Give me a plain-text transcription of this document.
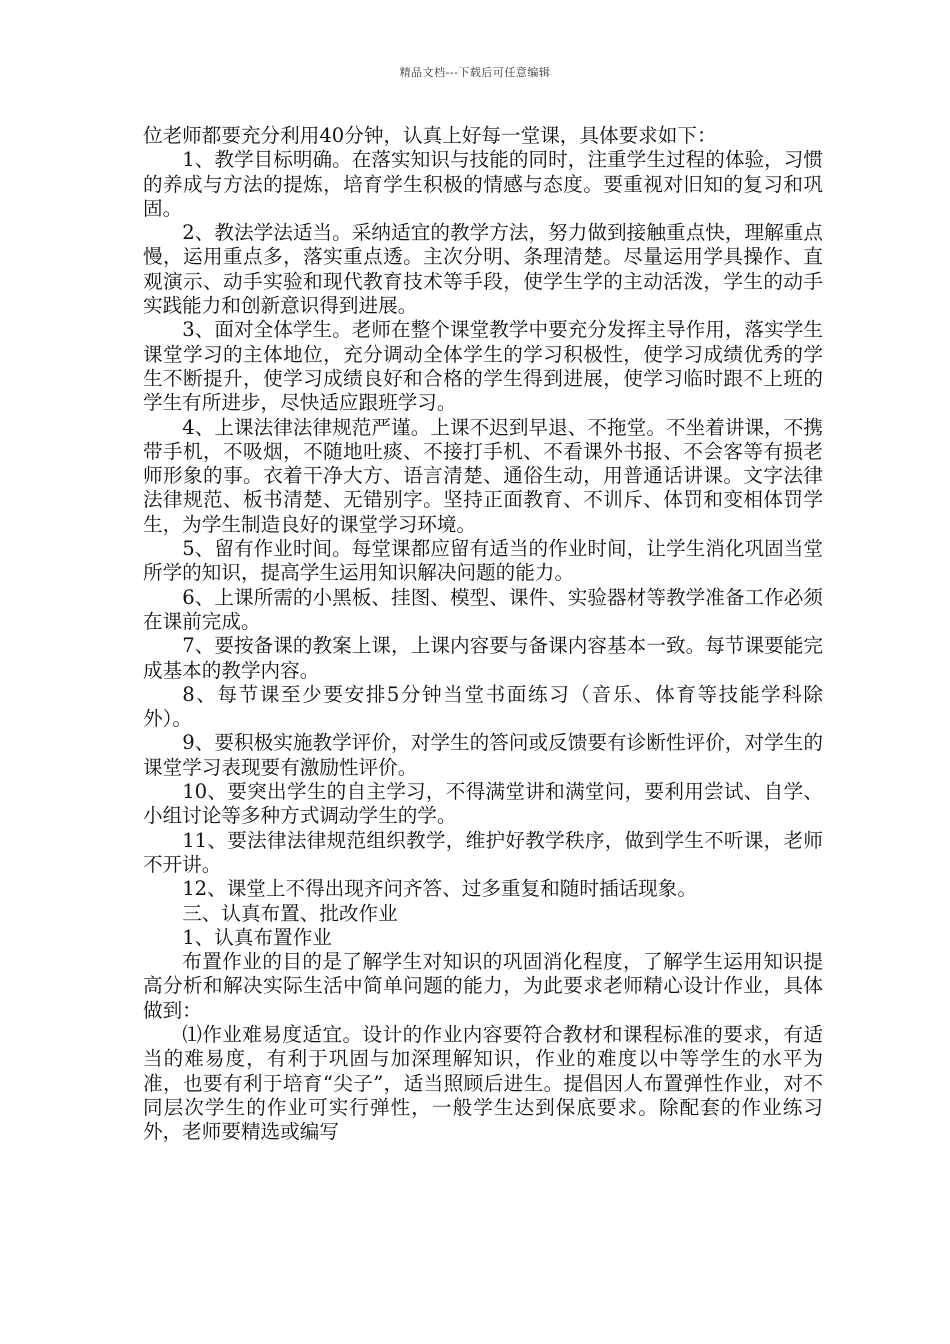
精品文档---下载后可任意编辑

位老师都要充分利用40分钟，认真上好每一堂课，具体要求如下：

1、教学目标明确。在落实知识与技能的同时，注重学生过程的体验，习惯的养成与方法的提炼，培育学生积极的情感与态度。要重视对旧知的复习和巩固。

2、教法学法适当。采纳适宜的教学方法，努力做到接触重点快，理解重点慢，运用重点多，落实重点透。主次分明、条理清楚。尽量运用学具操作、直观演示、动手实验和现代教育技术等手段，使学生学的主动活泼，学生的动手实践能力和创新意识得到进展。

3、面对全体学生。老师在整个课堂教学中要充分发挥主导作用，落实学生课堂学习的主体地位，充分调动全体学生的学习积极性，使学习成绩优秀的学生不断提升，使学习成绩良好和合格的学生得到进展，使学习临时跟不上班的学生有所进步，尽快适应跟班学习。

4、上课法律法律规范严谨。上课不迟到早退、不拖堂。不坐着讲课，不携带手机，不吸烟，不随地吐痰、不接打手机、不看课外书报、不会客等有损老师形象的事。衣着干净大方、语言清楚、通俗生动，用普通话讲课。文字法律法律规范、板书清楚、无错别字。坚持正面教育、不训斥、体罚和变相体罚学生，为学生制造良好的课堂学习环境。

5、留有作业时间。每堂课都应留有适当的作业时间，让学生消化巩固当堂所学的知识，提高学生运用知识解决问题的能力。

6、上课所需的小黑板、挂图、模型、课件、实验器材等教学准备工作必须在课前完成。

7、要按备课的教案上课，上课内容要与备课内容基本一致。每节课要能完成基本的教学内容。

8、每节课至少要安排5分钟当堂书面练习（音乐、体育等技能学科除外）。

9、要积极实施教学评价，对学生的答问或反馈要有诊断性评价，对学生的课堂学习表现要有激励性评价。

10、要突出学生的自主学习，不得满堂讲和满堂问，要利用尝试、自学、小组讨论等多种方式调动学生的学。

11、要法律法律规范组织教学，维护好教学秩序，做到学生不听课，老师不开讲。

12、课堂上不得出现齐问齐答、过多重复和随时插话现象。

三、认真布置、批改作业

1、认真布置作业

布置作业的目的是了解学生对知识的巩固消化程度，了解学生运用知识提高分析和解决实际生活中简单问题的能力，为此要求老师精心设计作业，具体做到：

⑴作业难易度适宜。设计的作业内容要符合教材和课程标准的要求，有适当的难易度，有利于巩固与加深理解知识，作业的难度以中等学生的水平为准，也要有利于培育“尖子”，适当照顾后进生。提倡因人布置弹性作业，对不同层次学生的作业可实行弹性，一般学生达到保底要求。除配套的作业练习外，老师要精选或编写
